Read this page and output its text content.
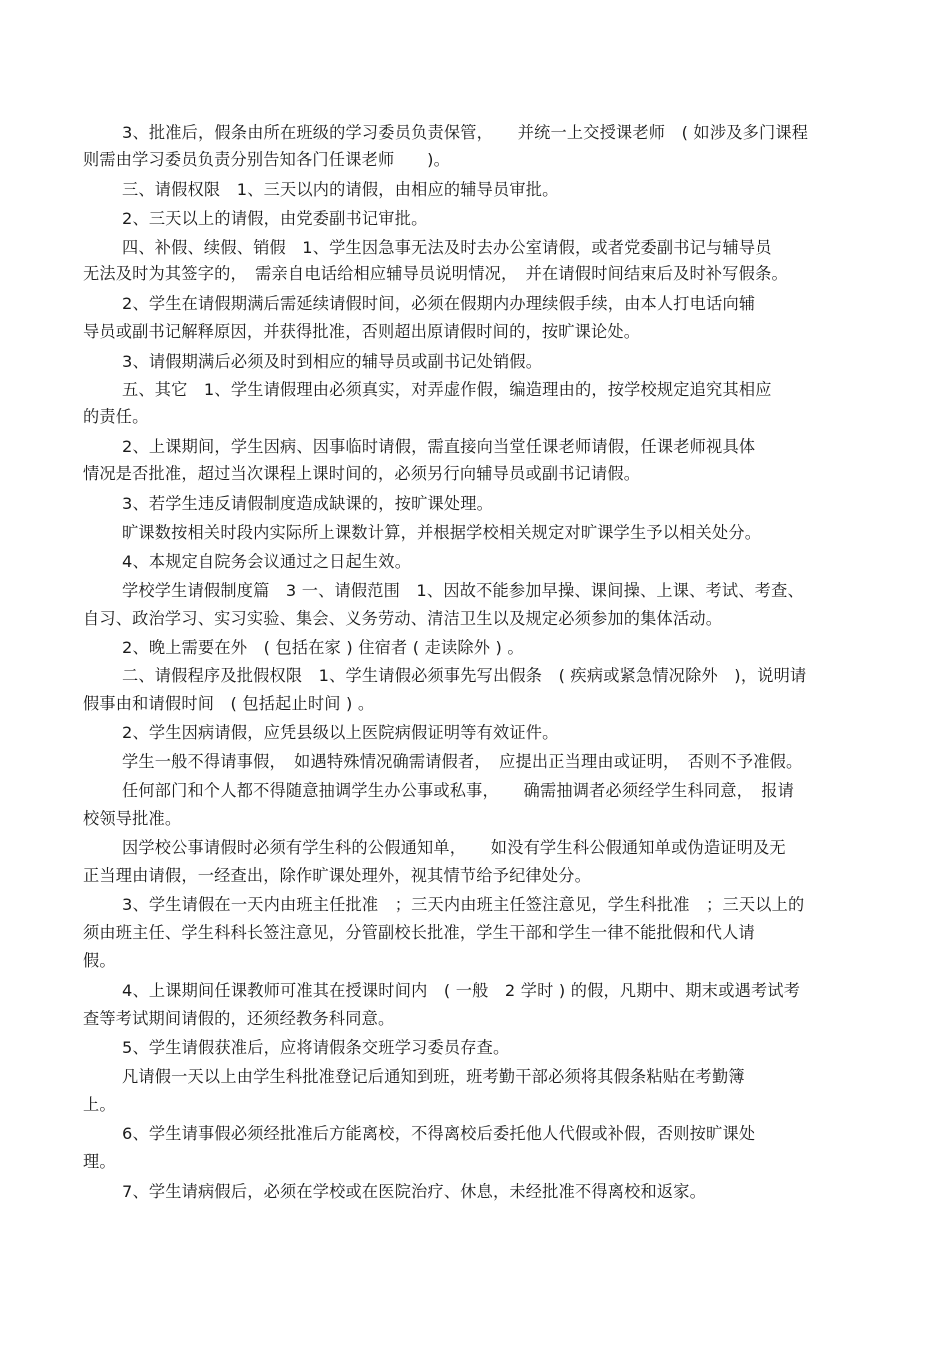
3、批准后，假条由所在班级的学习委员负责保管，　　并统一上交授课老师　( 如涉及多门课程
则需由学习委员负责分别告知各门任课老师　　)。
三、请假权限　1、三天以内的请假，由相应的辅导员审批。
2、三天以上的请假，由党委副书记审批。
四、补假、续假、销假　1、学生因急事无法及时去办公室请假，或者党委副书记与辅导员
无法及时为其签字的，　需亲自电话给相应辅导员说明情况，　并在请假时间结束后及时补写假条。
2、学生在请假期满后需延续请假时间，必须在假期内办理续假手续，由本人打电话向辅
导员或副书记解释原因，并获得批准，否则超出原请假时间的，按旷课论处。
3、请假期满后必须及时到相应的辅导员或副书记处销假。
五、其它　1、学生请假理由必须真实，对弄虚作假，编造理由的，按学校规定追究其相应
的责任。
2、上课期间，学生因病、因事临时请假，需直接向当堂任课老师请假，任课老师视具体
情况是否批准，超过当次课程上课时间的，必须另行向辅导员或副书记请假。
3、若学生违反请假制度造成缺课的，按旷课处理。
旷课数按相关时段内实际所上课数计算，并根据学校相关规定对旷课学生予以相关处分。
4、本规定自院务会议通过之日起生效。
学校学生请假制度篇　3 一、请假范围　1、因故不能参加早操、课间操、上课、考试、考查、
自习、政治学习、实习实验、集会、义务劳动、清洁卫生以及规定必须参加的集体活动。
2、晚上需要在外　( 包括在家 ) 住宿者 ( 走读除外 ) 。
二、请假程序及批假权限　1、学生请假必须事先写出假条　( 疾病或紧急情况除外　)，说明请
假事由和请假时间　( 包括起止时间 ) 。
2、学生因病请假，应凭县级以上医院病假证明等有效证件。
学生一般不得请事假，　如遇特殊情况确需请假者，　应提出正当理由或证明，　否则不予准假。
任何部门和个人都不得随意抽调学生办公事或私事，　　确需抽调者必须经学生科同意，　报请
校领导批准。
因学校公事请假时必须有学生科的公假通知单，　　如没有学生科公假通知单或伪造证明及无
正当理由请假，一经查出，除作旷课处理外，视其情节给予纪律处分。
3、学生请假在一天内由班主任批准　；三天内由班主任签注意见，学生科批准　；三天以上的
须由班主任、学生科科长签注意见，分管副校长批准，学生干部和学生一律不能批假和代人请
假。
4、上课期间任课教师可准其在授课时间内　( 一般　2 学时 ) 的假，凡期中、期末或遇考试考
查等考试期间请假的，还须经教务科同意。
5、学生请假获准后，应将请假条交班学习委员存查。
凡请假一天以上由学生科批准登记后通知到班，班考勤干部必须将其假条粘贴在考勤簿
上。
6、学生请事假必须经批准后方能离校，不得离校后委托他人代假或补假，否则按旷课处
理。
7、学生请病假后，必须在学校或在医院治疗、休息，未经批准不得离校和返家。
